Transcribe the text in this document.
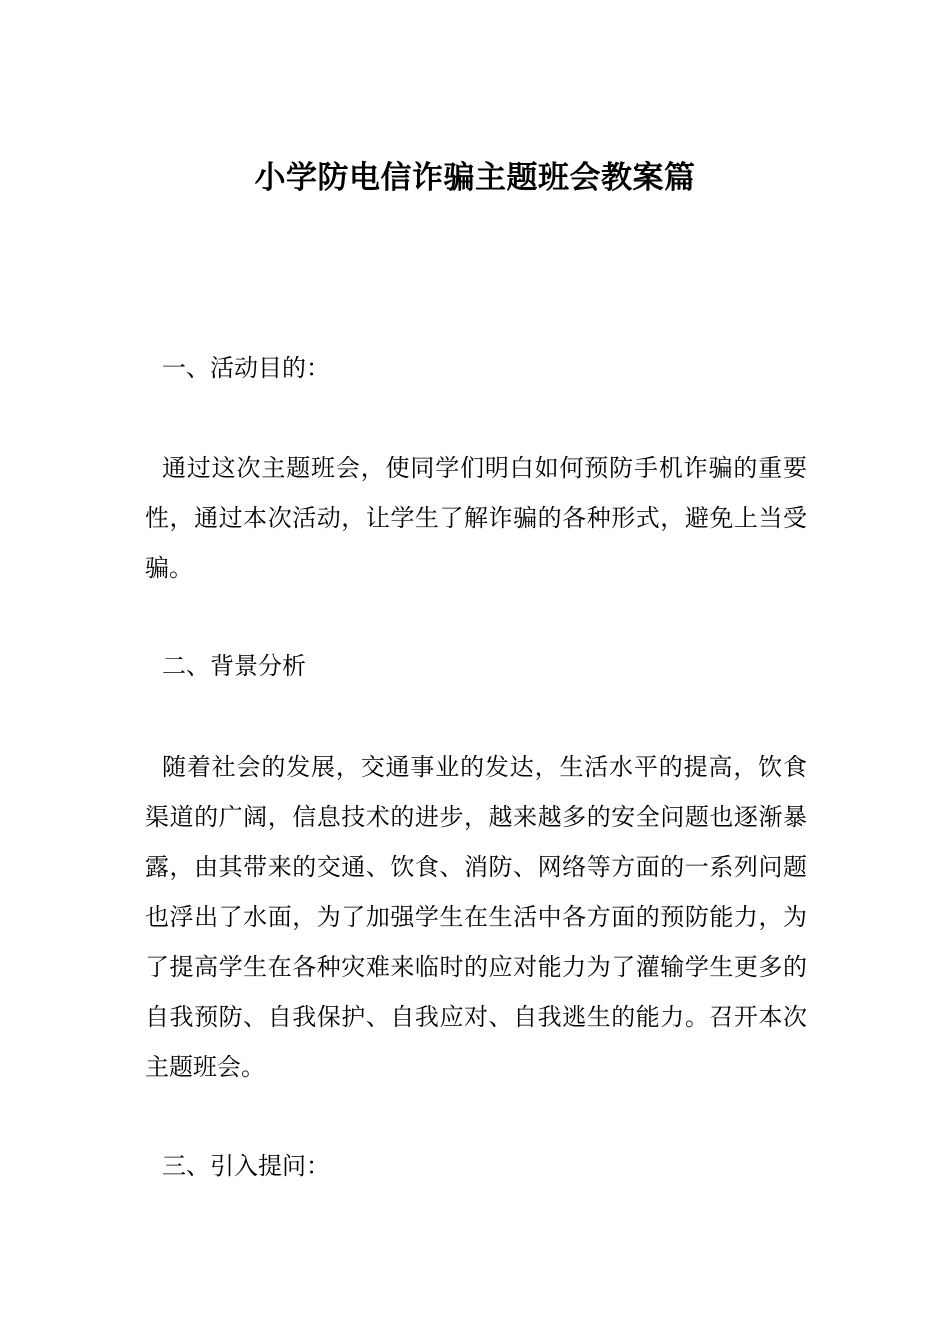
小学防电信诈骗主题班会教案篇
一、活动目的：
通过这次主题班会，使同学们明白如何预防手机诈骗的重要性，通过本次活动，让学生了解诈骗的各种形式，避免上当受骗。
二、背景分析
随着社会的发展，交通事业的发达，生活水平的提高，饮食渠道的广阔，信息技术的进步，越来越多的安全问题也逐渐暴露，由其带来的交通、饮食、消防、网络等方面的一系列问题也浮出了水面，为了加强学生在生活中各方面的预防能力，为了提高学生在各种灾难来临时的应对能力为了灌输学生更多的自我预防、自我保护、自我应对、自我逃生的能力。召开本次主题班会。
三、引入提问：
